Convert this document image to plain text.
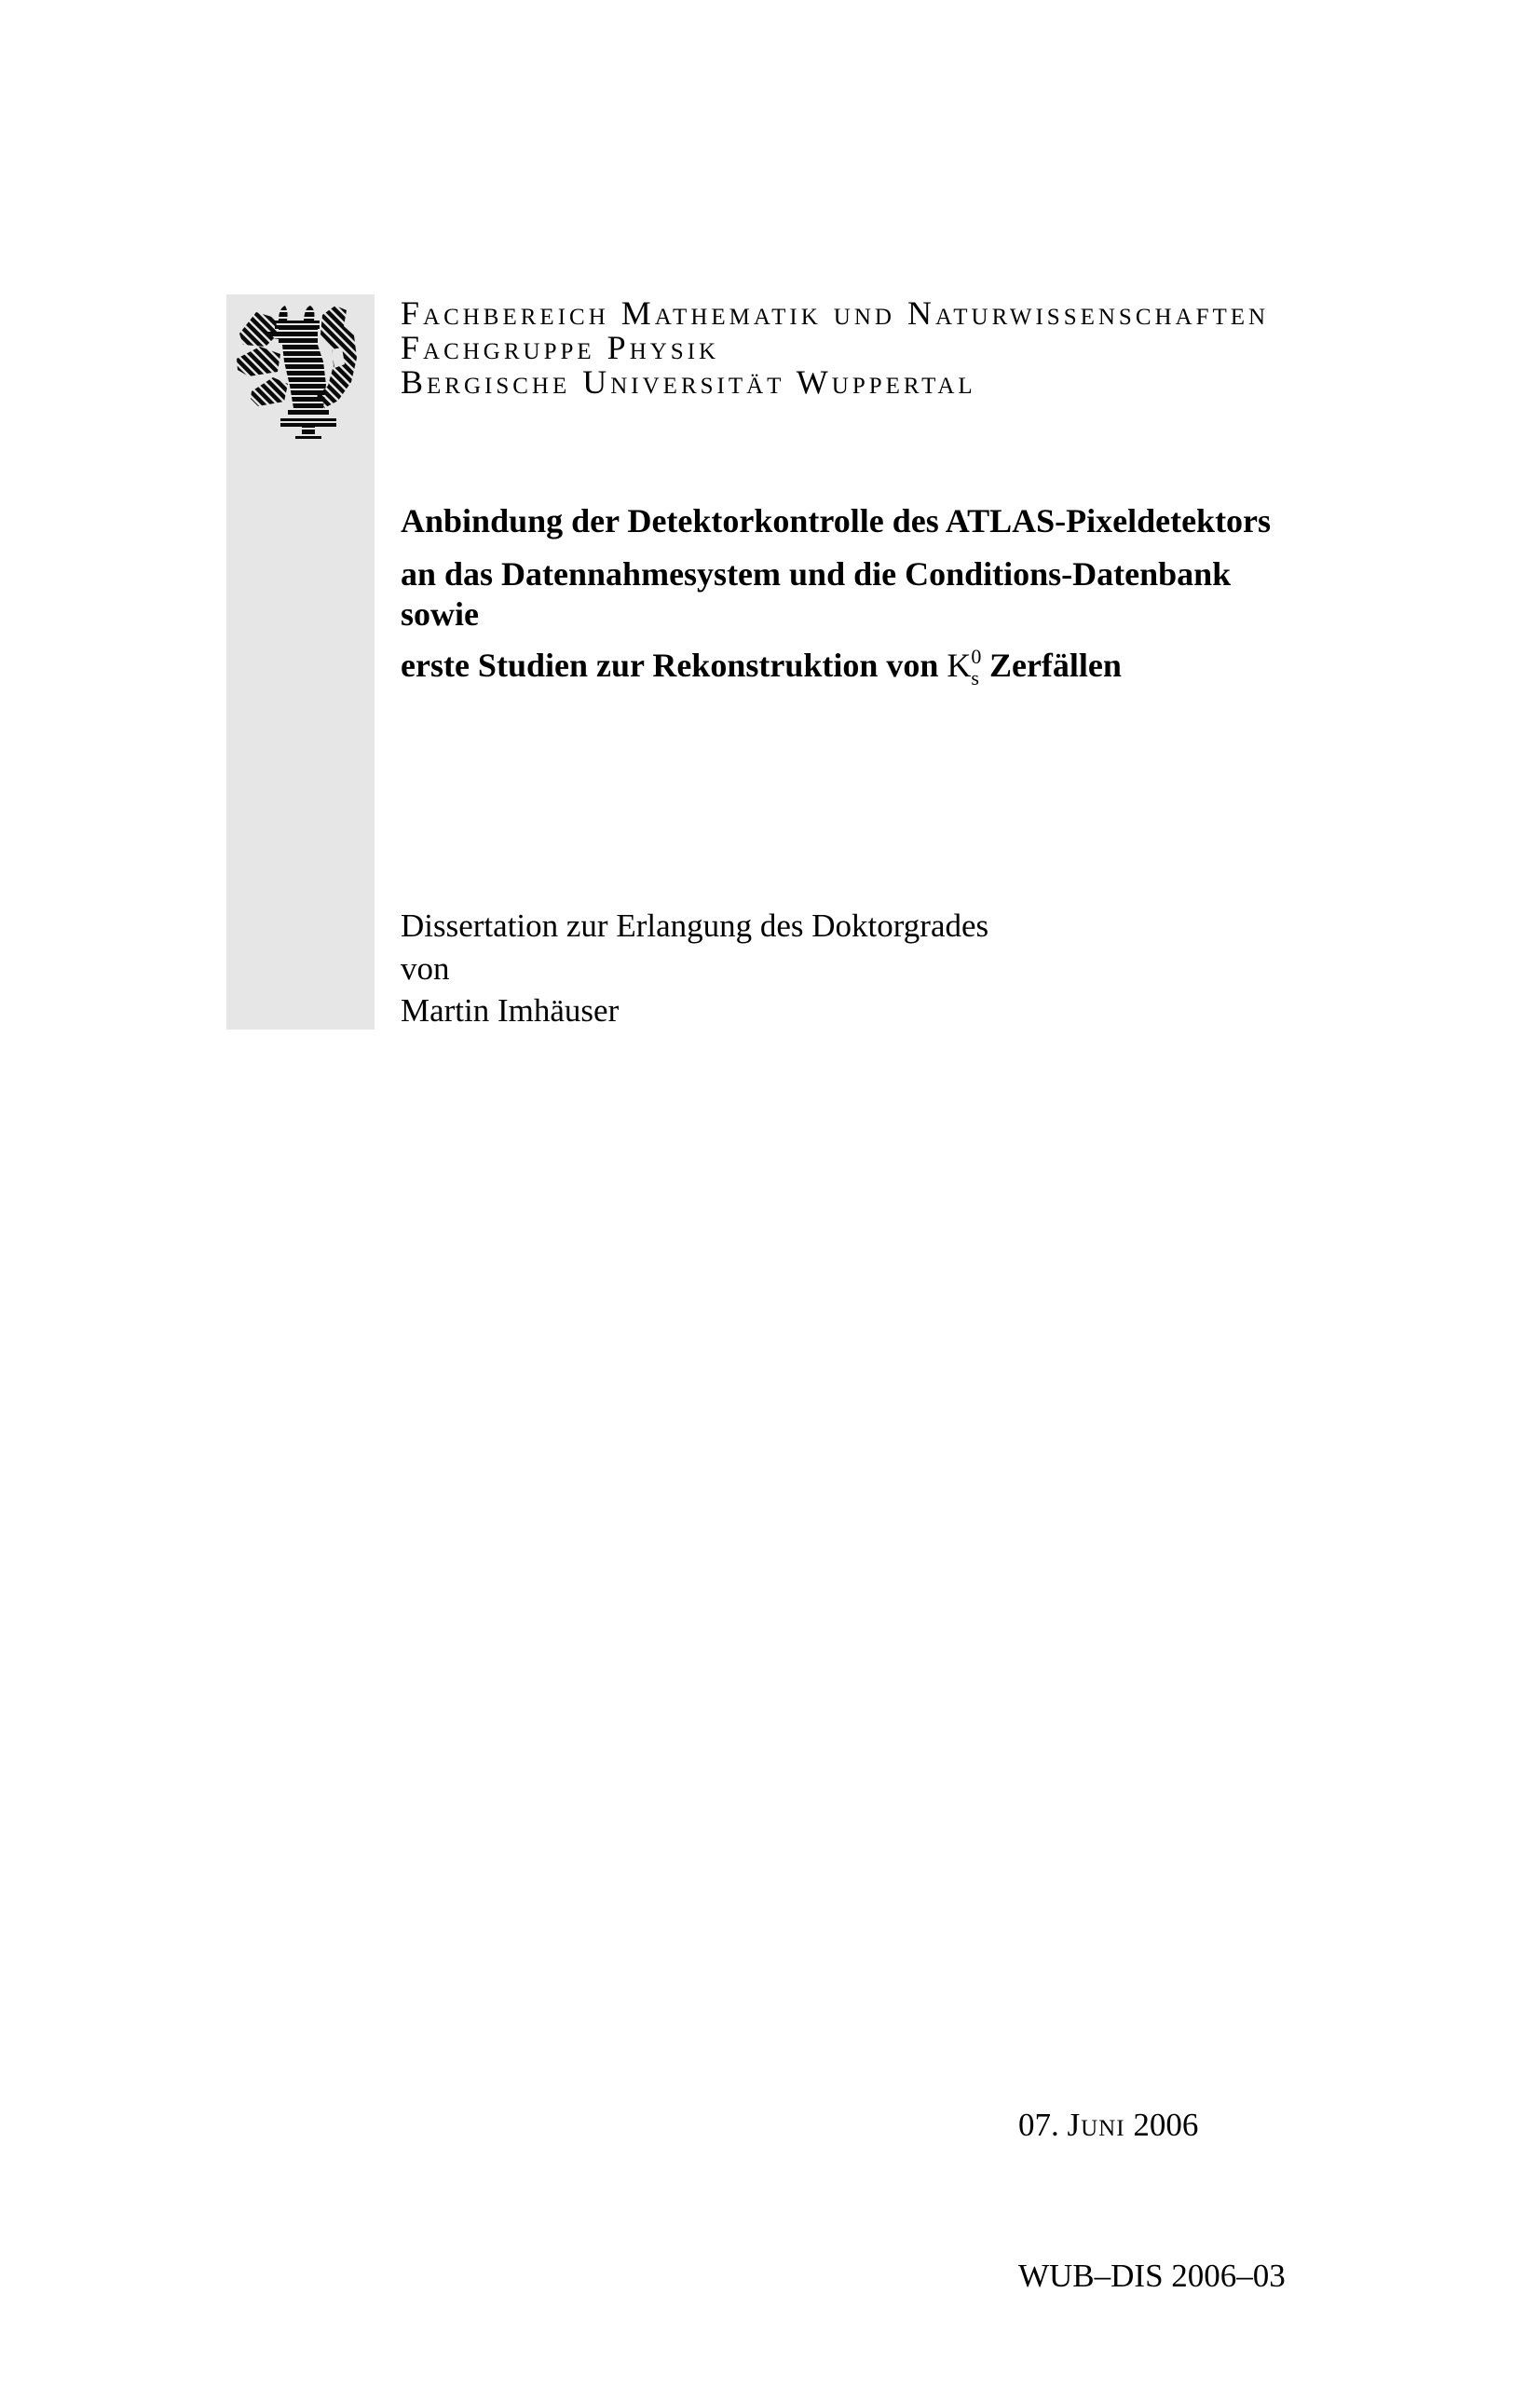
Fachbereich Mathematik und Naturwissenschaften
Fachgruppe Physik
Bergische Universität Wuppertal
Anbindung der Detektorkontrolle des ATLAS-Pixeldetektors
an das Datennahmesystem und die Conditions-Datenbank
sowie
erste Studien zur Rekonstruktion von K0s Zerfällen
Dissertation zur Erlangung des Doktorgrades
von
Martin Imhäuser

07. Juni 2006

WUB–DIS 2006–03
